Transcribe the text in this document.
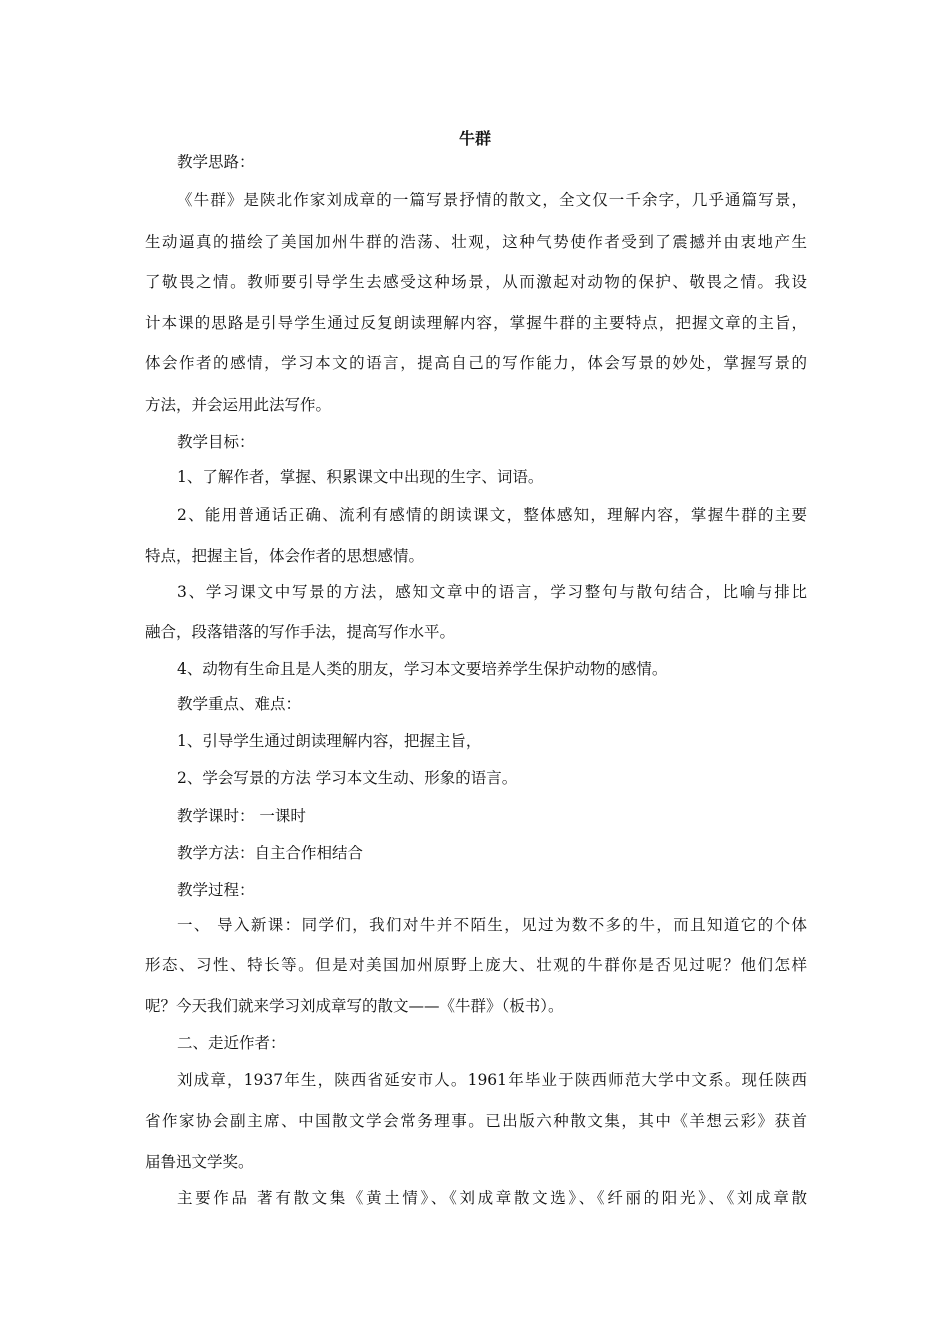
牛群
教学思路：
《牛群》是陕北作家刘成章的一篇写景抒情的散文，全文仅一千余字，几乎通篇写景，
生动逼真的描绘了美国加州牛群的浩荡、壮观，这种气势使作者受到了震撼并由衷地产生
了敬畏之情。教师要引导学生去感受这种场景，从而激起对动物的保护、敬畏之情。我设
计本课的思路是引导学生通过反复朗读理解内容，掌握牛群的主要特点，把握文章的主旨，
体会作者的感情，学习本文的语言，提高自己的写作能力，体会写景的妙处，掌握写景的
方法，并会运用此法写作。
教学目标：
1、了解作者，掌握、积累课文中出现的生字、词语。
2、能用普通话正确、流利有感情的朗读课文，整体感知，理解内容，掌握牛群的主要
特点，把握主旨，体会作者的思想感情。
3、学习课文中写景的方法，感知文章中的语言，学习整句与散句结合，比喻与排比
融合，段落错落的写作手法，提高写作水平。
4、动物有生命且是人类的朋友，学习本文要培养学生保护动物的感情。
教学重点、难点：
1、引导学生通过朗读理解内容，把握主旨，
2、学会写景的方法 学习本文生动、形象的语言。
教学课时： 一课时
教学方法：自主合作相结合
教学过程：
一、 导入新课：同学们，我们对牛并不陌生，见过为数不多的牛，而且知道它的个体
形态、习性、特长等。但是对美国加州原野上庞大、壮观的牛群你是否见过呢？他们怎样
呢？今天我们就来学习刘成章写的散文——《牛群》（板书）。
二、走近作者：
刘成章，1937年生，陕西省延安市人。1961年毕业于陕西师范大学中文系。现任陕西
省作家协会副主席、中国散文学会常务理事。已出版六种散文集，其中《羊想云彩》获首
届鲁迅文学奖。
主要作品 著有散文集《黄土情》、《刘成章散文选》、《纤丽的阳光》、《刘成章散
